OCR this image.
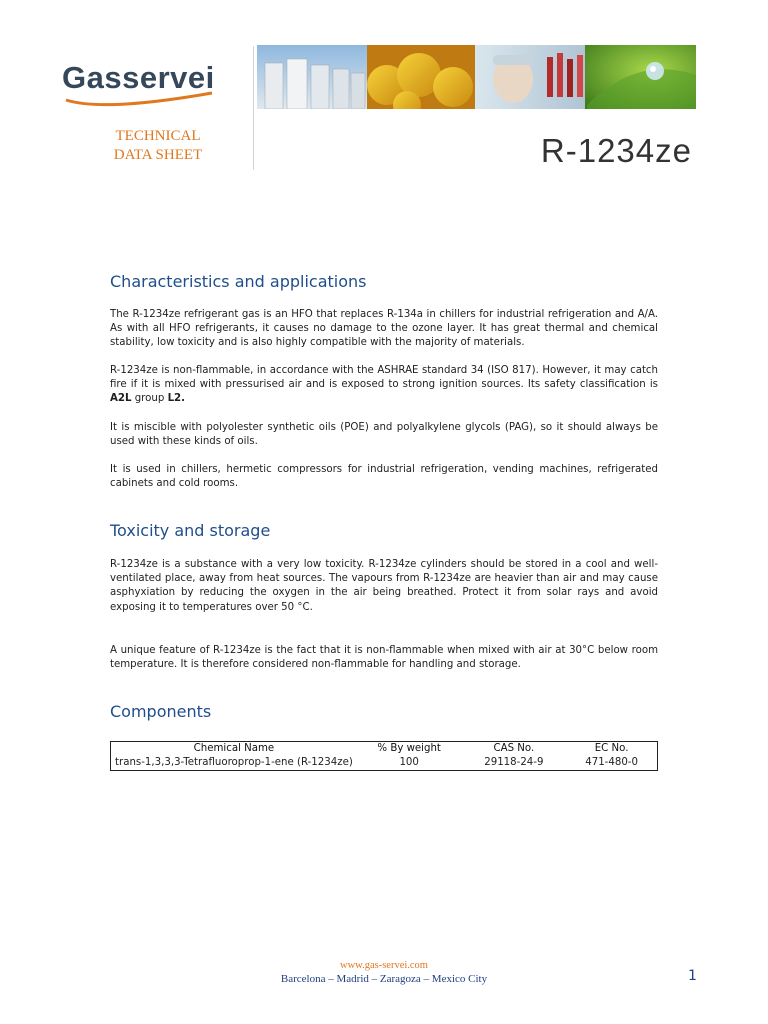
Gasservei
TECHNICAL
DATA SHEET	R-1234ze
Characteristics and applications
The R-1234ze refrigerant gas is an HFO that replaces R-134a in chillers for industrial refrigeration and A/A. As with all HFO refrigerants, it causes no damage to the ozone layer. It has great thermal and chemical stability, low toxicity and is also highly compatible with the majority of materials.
R-1234ze is non-flammable, in accordance with the ASHRAE standard 34 (ISO 817). However, it may catch fire if it is mixed with pressurised air and is exposed to strong ignition sources. Its safety classification is A2L group L2.
It is miscible with polyolester synthetic oils (POE) and polyalkylene glycols (PAG), so it should always be used with these kinds of oils.
It is used in chillers, hermetic compressors for industrial refrigeration, vending machines, refrigerated cabinets and cold rooms.
Toxicity and storage
R-1234ze is a substance with a very low toxicity. R-1234ze cylinders should be stored in a cool and well-ventilated place, away from heat sources. The vapours from R-1234ze are heavier than air and may cause asphyxiation by reducing the oxygen in the air being breathed. Protect it from solar rays and avoid exposing it to temperatures over 50 °C.
A unique feature of R-1234ze is the fact that it is non-flammable when mixed with air at 30°C below room temperature. It is therefore considered non-flammable for handling and storage.
Components
Chemical Name	% By weight	CAS No.	EC No.
trans-1,3,3,3-Tetrafluoroprop-1-ene (R-1234ze)	100	29118-24-9	471-480-0
www.gas-servei.com
Barcelona – Madrid – Zaragoza – Mexico City	1
